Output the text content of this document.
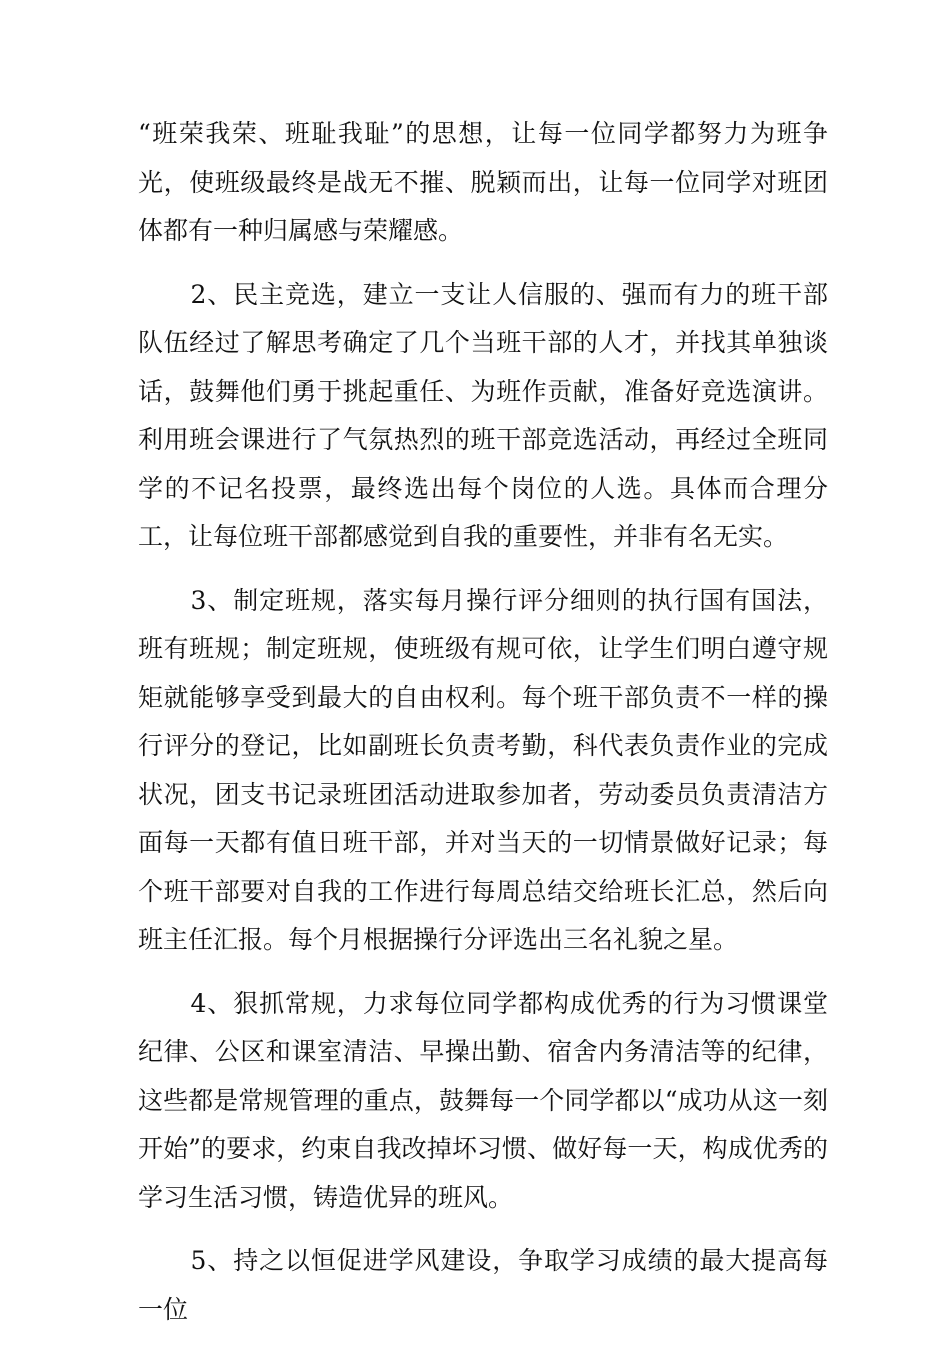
“班荣我荣、班耻我耻”的思想，让每一位同学都努力为班争光，使班级最终是战无不摧、脱颖而出，让每一位同学对班团体都有一种归属感与荣耀感。

2、民主竞选，建立一支让人信服的、强而有力的班干部队伍经过了解思考确定了几个当班干部的人才，并找其单独谈话，鼓舞他们勇于挑起重任、为班作贡献，准备好竞选演讲。利用班会课进行了气氛热烈的班干部竞选活动，再经过全班同学的不记名投票，最终选出每个岗位的人选。具体而合理分工，让每位班干部都感觉到自我的重要性，并非有名无实。

3、制定班规，落实每月操行评分细则的执行国有国法，班有班规；制定班规，使班级有规可依，让学生们明白遵守规矩就能够享受到最大的自由权利。每个班干部负责不一样的操行评分的登记，比如副班长负责考勤，科代表负责作业的完成状况，团支书记录班团活动进取参加者，劳动委员负责清洁方面每一天都有值日班干部，并对当天的一切情景做好记录；每个班干部要对自我的工作进行每周总结交给班长汇总，然后向班主任汇报。每个月根据操行分评选出三名礼貌之星。

4、狠抓常规，力求每位同学都构成优秀的行为习惯课堂纪律、公区和课室清洁、早操出勤、宿舍内务清洁等的纪律，这些都是常规管理的重点，鼓舞每一个同学都以“成功从这一刻开始”的要求，约束自我改掉坏习惯、做好每一天，构成优秀的学习生活习惯，铸造优异的班风。

5、持之以恒促进学风建设，争取学习成绩的最大提高每一位
